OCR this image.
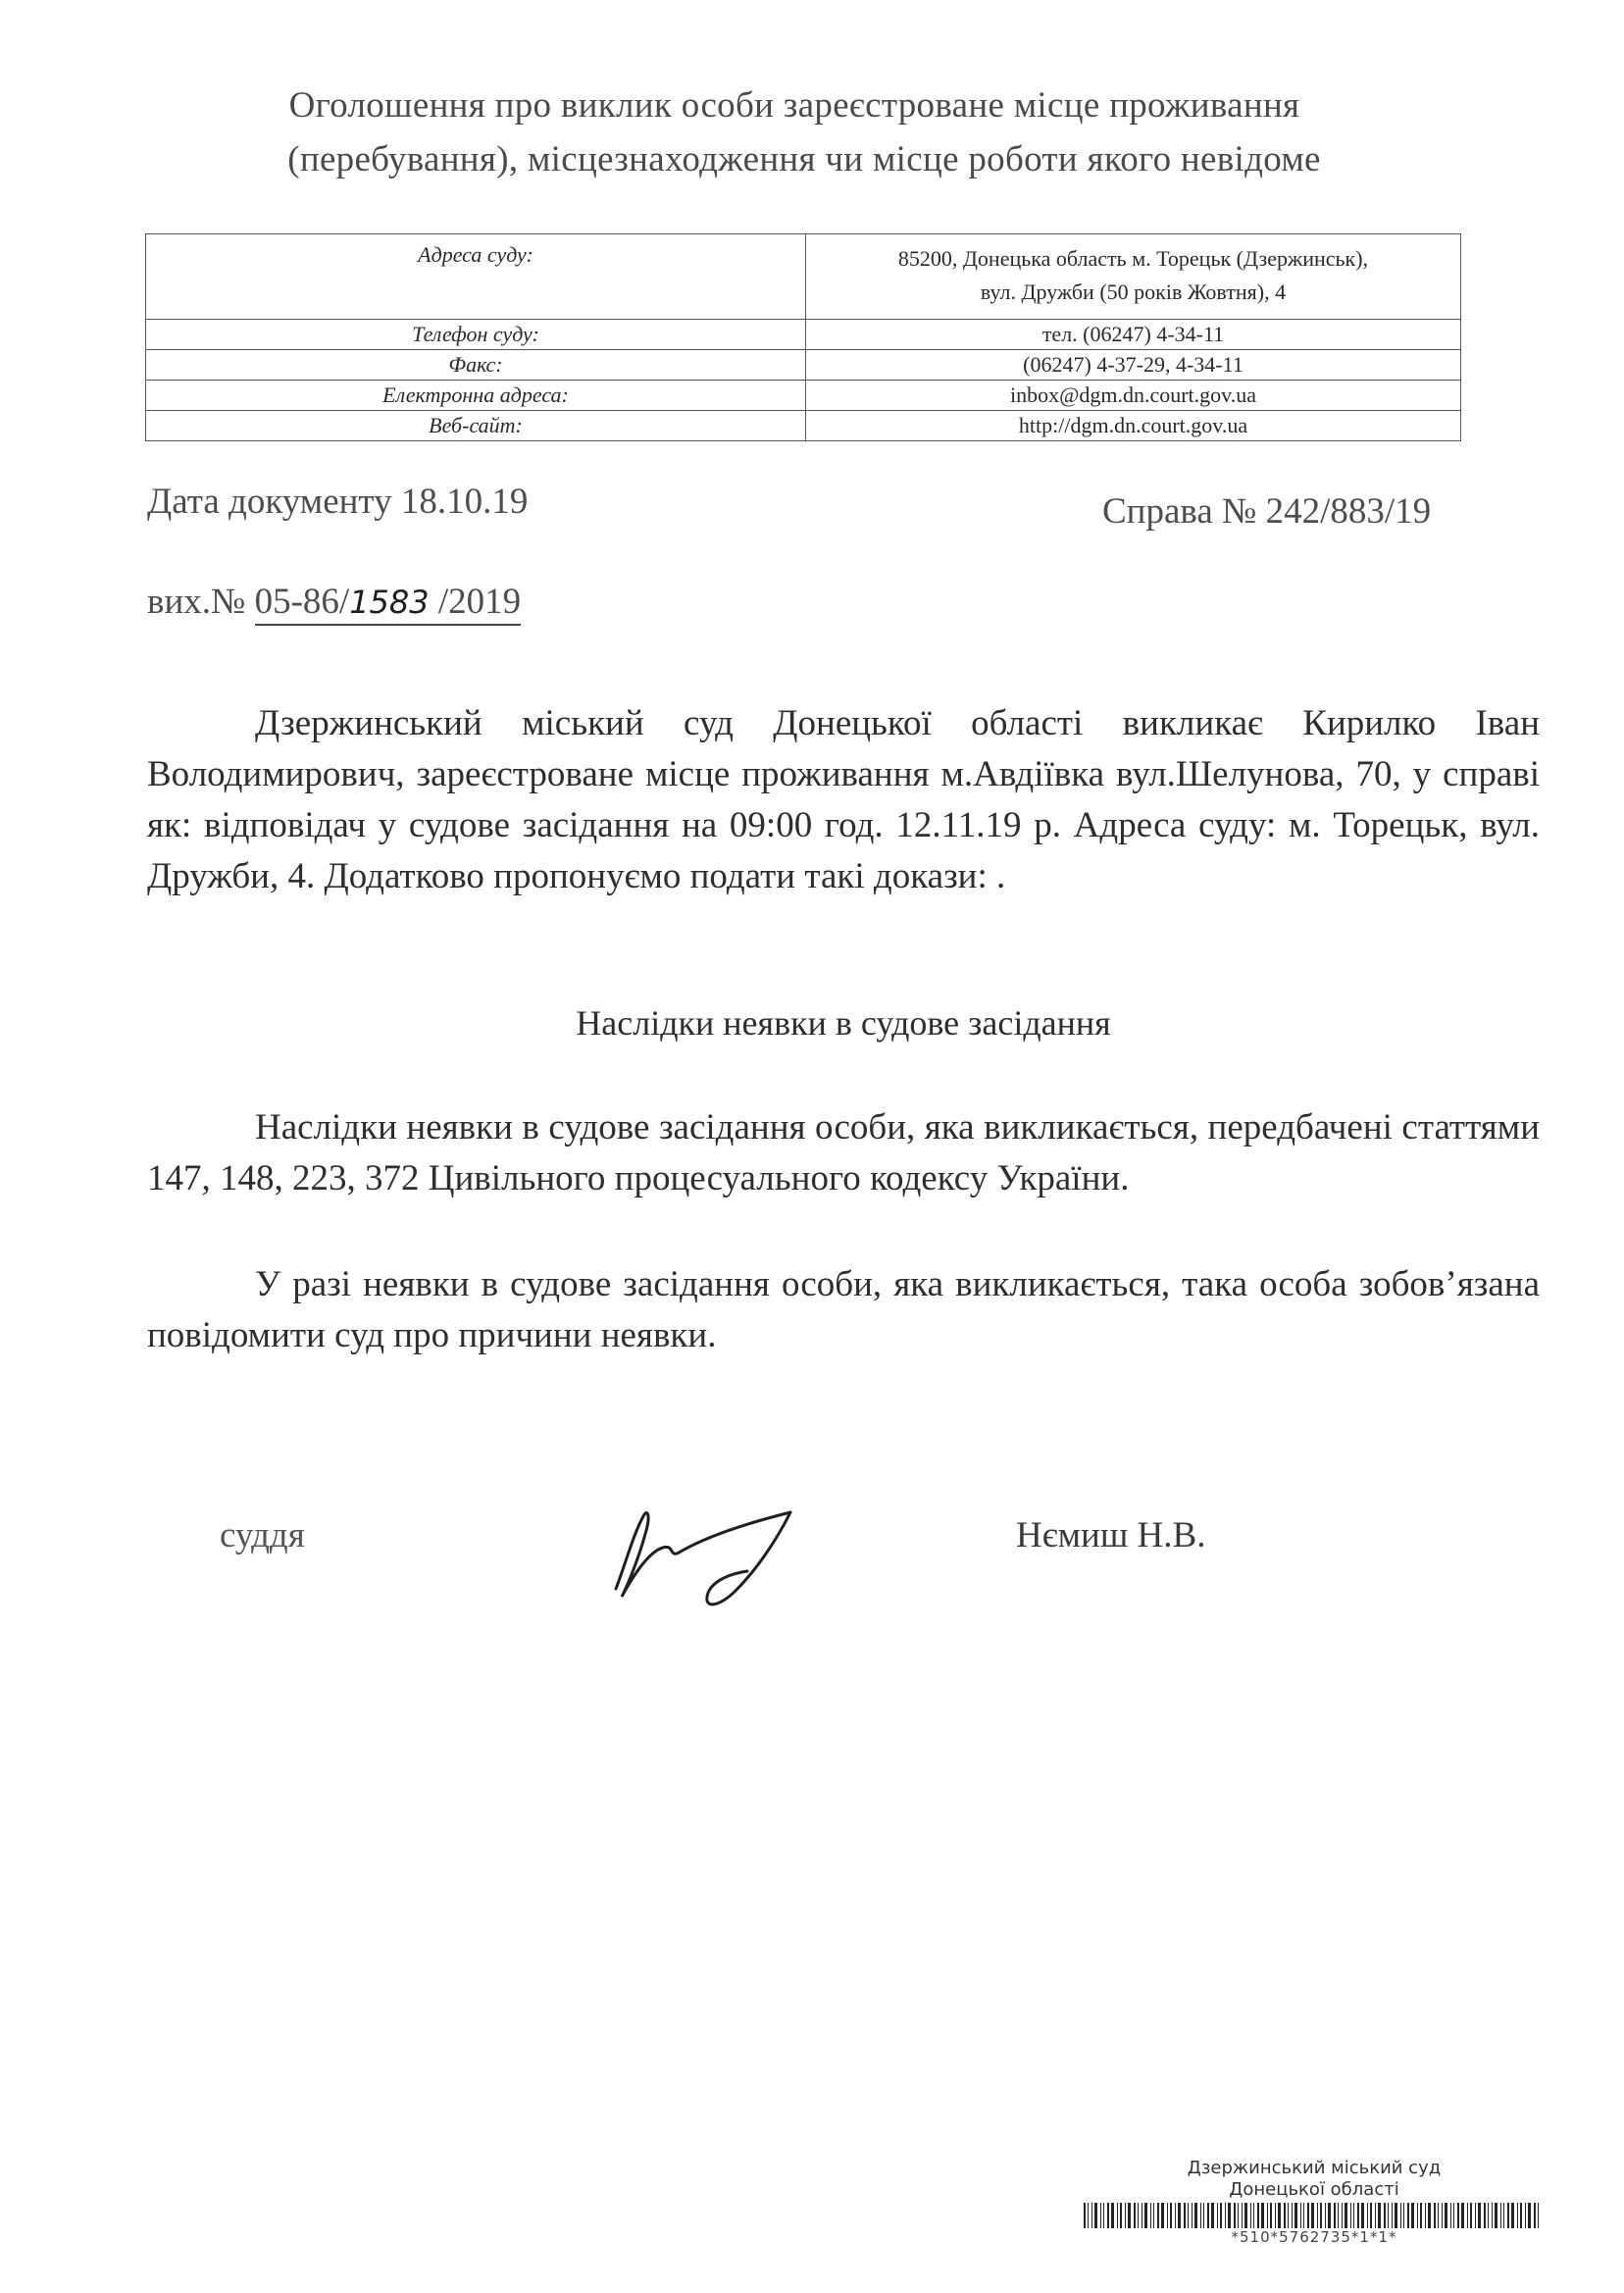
Оголошення про виклик особи зареєстроване місце проживання
(перебування), місцезнаходження чи місце роботи якого невідоме
Адреса суду:	85200, Донецька область м. Торецьк (Дзержинськ),
вул. Дружби (50 років Жовтня), 4

Телефон суду:	тел. (06247) 4-34-11
Факс:	(06247) 4-37-29, 4-34-11
Електронна адреса:	inbox@dgm.dn.court.gov.ua
Веб-сайт:	http://dgm.dn.court.gov.ua
Дата документу 18.10.19	Справа № 242/883/19
вих.№ 05-86/1583 /2019
Дзержинський міський суд Донецької області викликає Кирилко Іван Володимирович, зареєстроване місце проживання м.Авдіївка вул.Шелунова, 70, у справі як: відповідач у судове засідання на 09:00 год. 12.11.19 р. Адреса суду: м. Торецьк, вул. Дружби, 4. Додатково пропонуємо подати такі докази: .
Наслідки неявки в судове засідання
Наслідки неявки в судове засідання особи, яка викликається, передбачені статтями 147, 148, 223, 372 Цивільного процесуального кодексу України.
У разі неявки в судове засідання особи, яка викликається, така особа зобов’язана повідомити суд про причини неявки.
суддя	Нємиш Н.В.
Дзержинський міський суд
Донецької області
*510*5762735*1*1*
